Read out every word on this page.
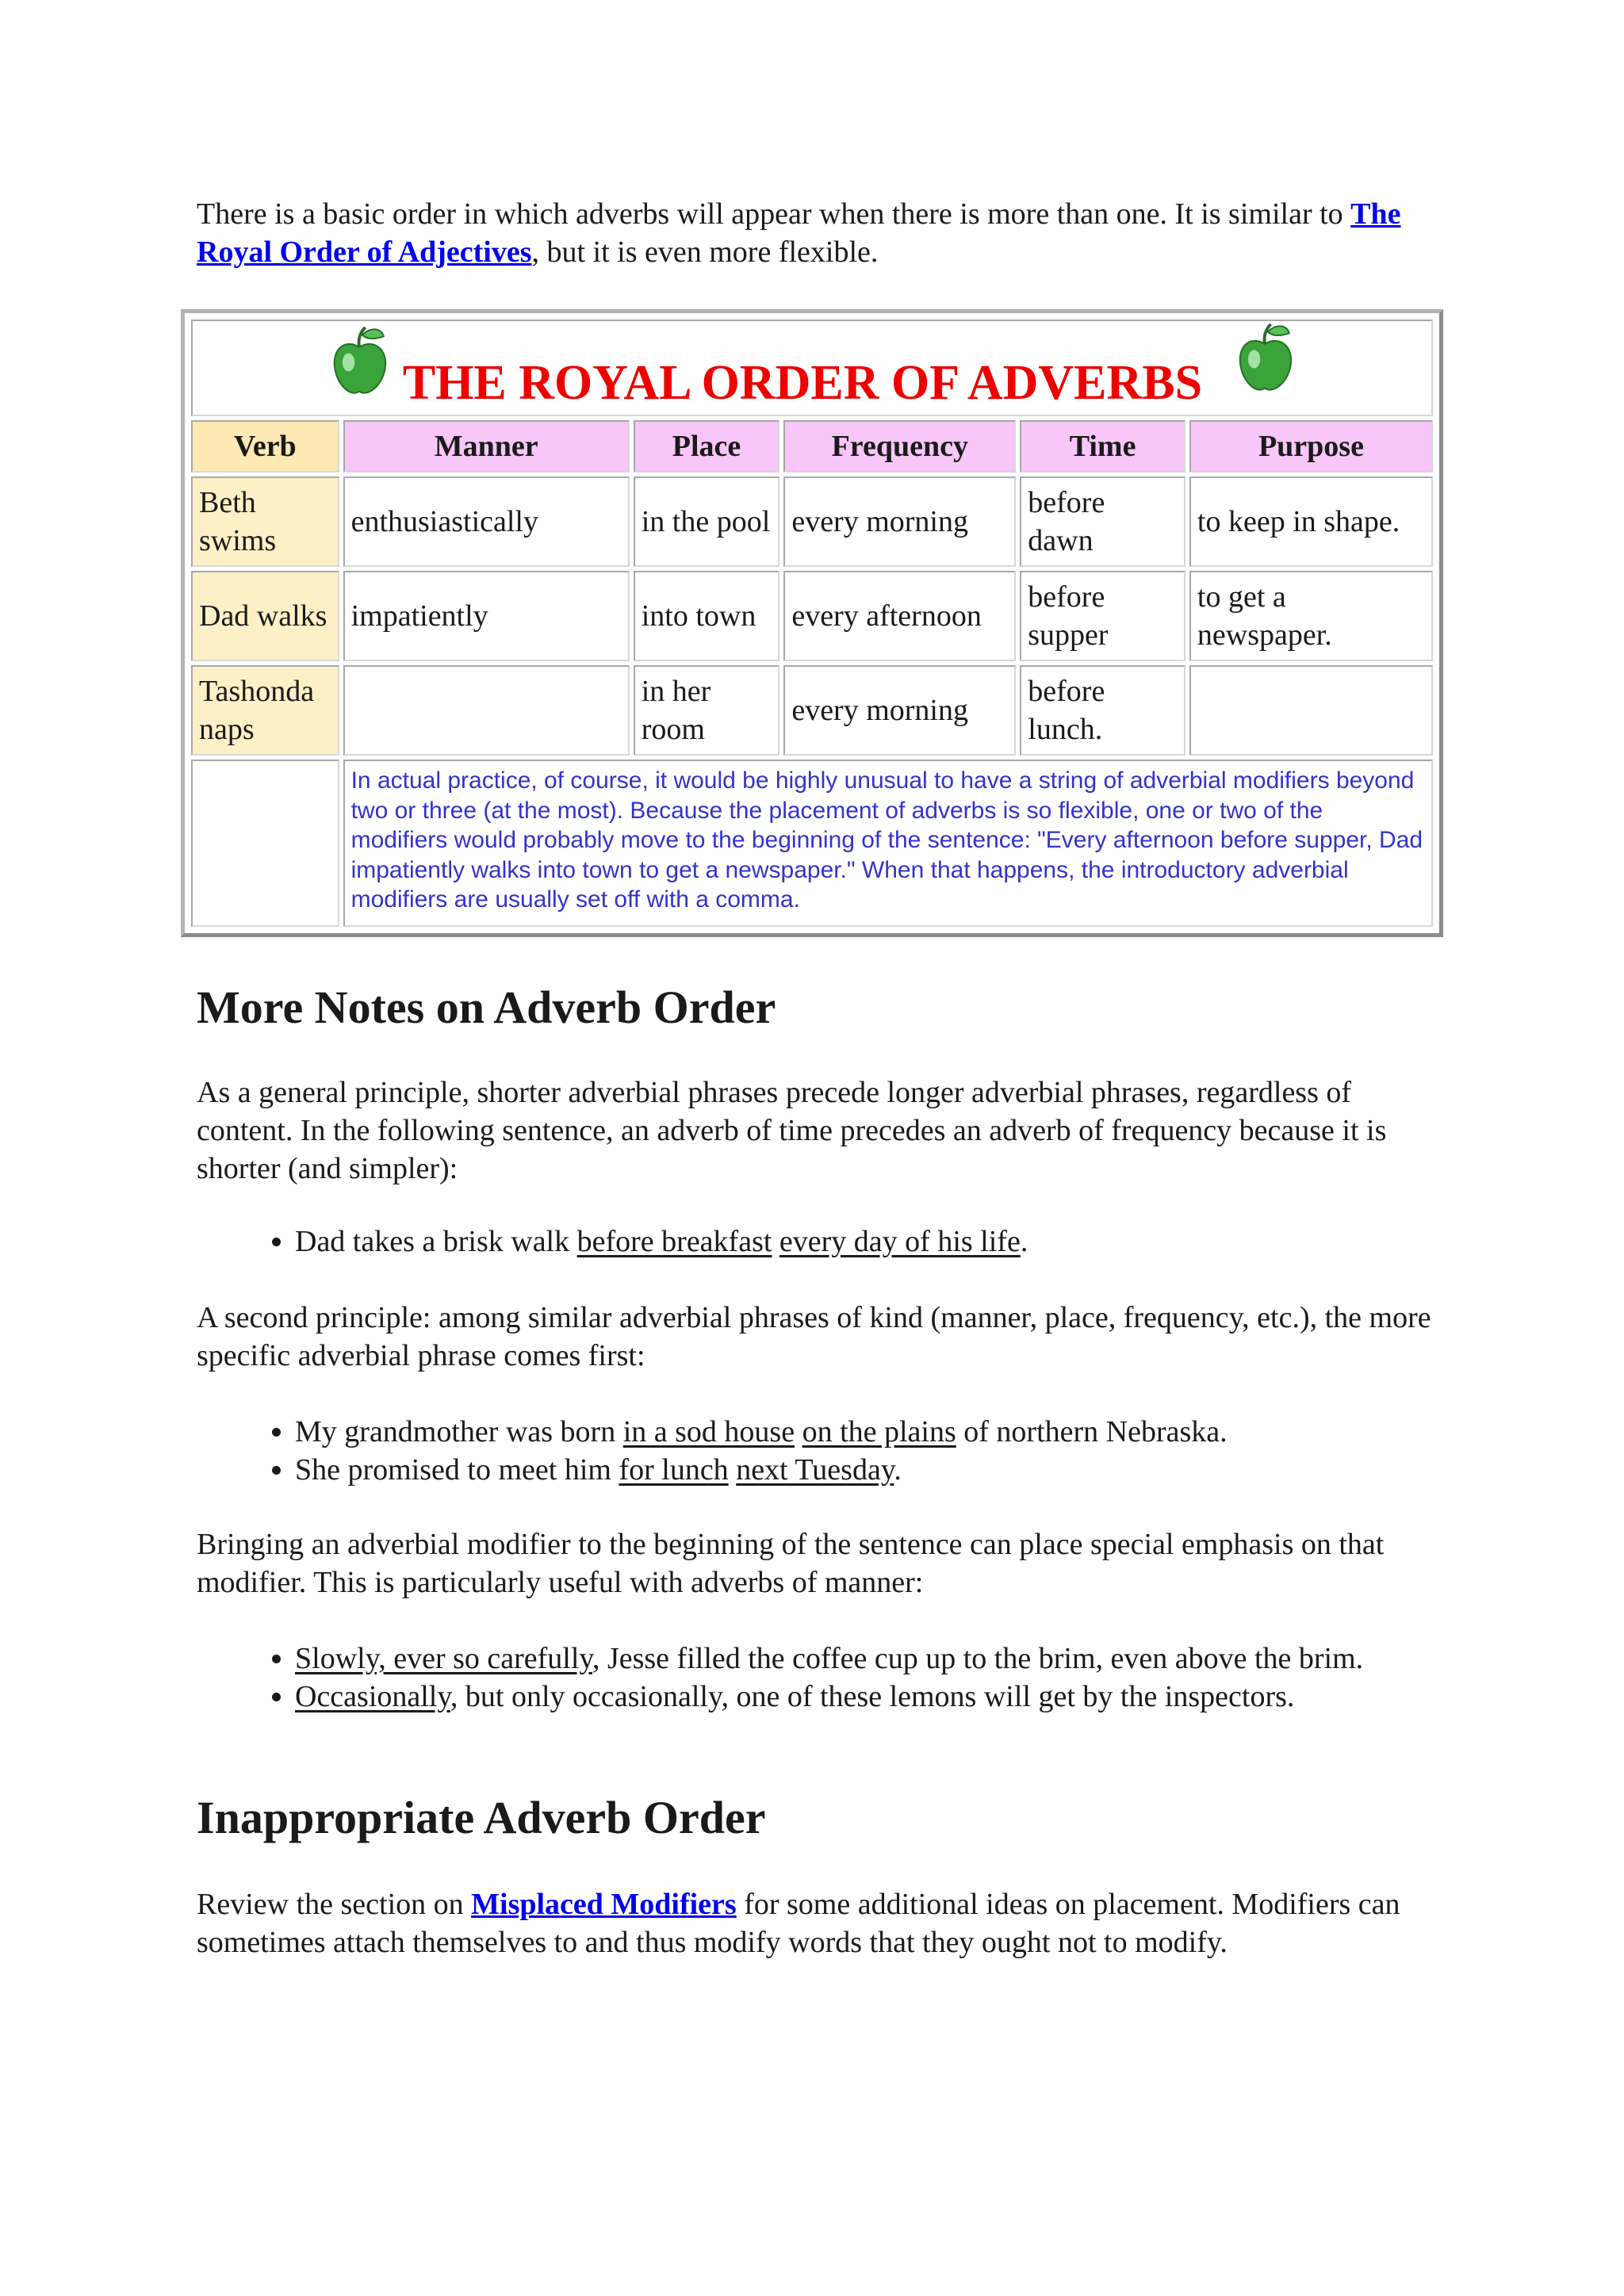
There is a basic order in which adverbs will appear when there is more than one. It is similar to The Royal Order of Adjectives, but it is even more flexible.

THE ROYAL ORDER OF ADVERBS					

Verb	Manner	Place	Frequency	Time	Purpose
Beth swims	enthusiastically	in the pool	every morning	before dawn	to keep in shape.
Dad walks	impatiently	into town	every afternoon	before supper	to get a newspaper.
Tashonda naps		in her room	every morning	before lunch.	
	In actual practice, of course, it would be highly unusual to have a string of adverbial modifiers beyond two or three (at the most). Because the placement of adverbs is so flexible, one or two of the modifiers would probably move to the beginning of the sentence: "Every afternoon before supper, Dad impatiently walks into town to get a newspaper." When that happens, the introductory adverbial modifiers are usually set off with a comma.				
More Notes on Adverb Order

As a general principle, shorter adverbial phrases precede longer adverbial phrases, regardless of content. In the following sentence, an adverb of time precedes an adverb of frequency because it is shorter (and simpler):

• Dad takes a brisk walk before breakfast every day of his life.

A second principle: among similar adverbial phrases of kind (manner, place, frequency, etc.), the more specific adverbial phrase comes first:

• My grandmother was born in a sod house on the plains of northern Nebraska.
• She promised to meet him for lunch next Tuesday.

Bringing an adverbial modifier to the beginning of the sentence can place special emphasis on that modifier. This is particularly useful with adverbs of manner:

• Slowly, ever so carefully, Jesse filled the coffee cup up to the brim, even above the brim.
• Occasionally, but only occasionally, one of these lemons will get by the inspectors.
Inappropriate Adverb Order

Review the section on Misplaced Modifiers for some additional ideas on placement. Modifiers can sometimes attach themselves to and thus modify words that they ought not to modify.
